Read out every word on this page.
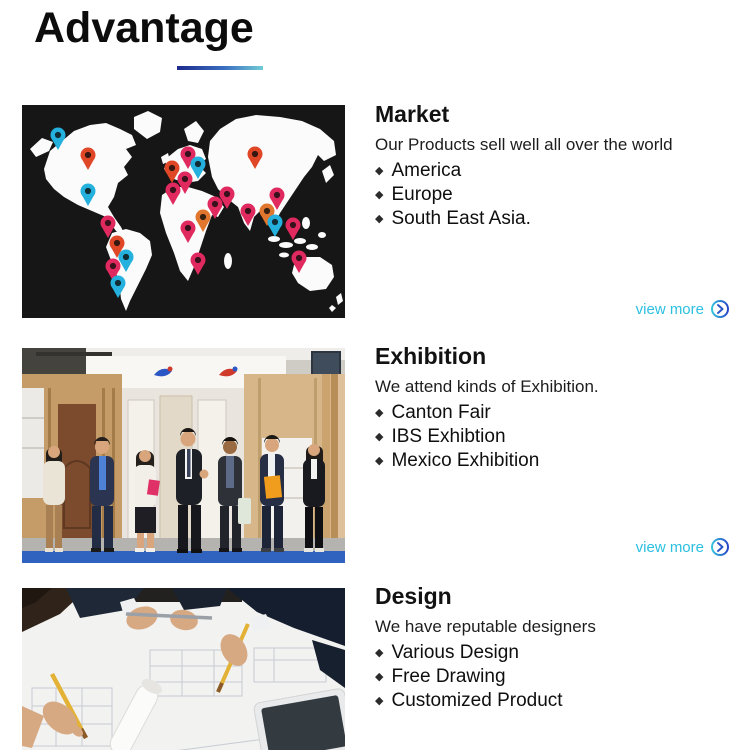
Advantage
Market

Our Products sell well all over the world

◆ America
◆ Europe
◆ South East Asia.
view more
Exhibition

We attend kinds of Exhibition.

◆ Canton Fair
◆ IBS Exhibtion
◆ Mexico Exhibition
view more
Design

We have reputable designers

◆ Various Design
◆ Free Drawing
◆ Customized Product
